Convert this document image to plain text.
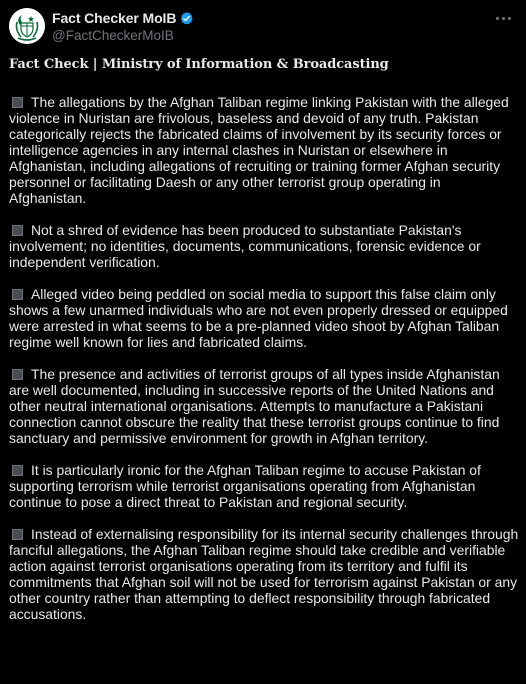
Fact Checker MoIB
@FactCheckerMoIB
Fact Check | Ministry of Information & Broadcasting
The allegations by the Afghan Taliban regime linking Pakistan with the alleged violence in Nuristan are frivolous, baseless and devoid of any truth. Pakistan categorically rejects the fabricated claims of involvement by its security forces or intelligence agencies in any internal clashes in Nuristan or elsewhere in Afghanistan, including allegations of recruiting or training former Afghan security personnel or facilitating Daesh or any other terrorist group operating in Afghanistan.
Not a shred of evidence has been produced to substantiate Pakistan's involvement; no identities, documents, communications, forensic evidence or independent verification.
Alleged video being peddled on social media to support this false claim only shows a few unarmed individuals who are not even properly dressed or equipped were arrested in what seems to be a pre-planned video shoot by Afghan Taliban regime well known for lies and fabricated claims.
The presence and activities of terrorist groups of all types inside Afghanistan are well documented, including in successive reports of the United Nations and other neutral international organisations. Attempts to manufacture a Pakistani connection cannot obscure the reality that these terrorist groups continue to find sanctuary and permissive environment for growth in Afghan territory.
It is particularly ironic for the Afghan Taliban regime to accuse Pakistan of supporting terrorism while terrorist organisations operating from Afghanistan continue to pose a direct threat to Pakistan and regional security.
Instead of externalising responsibility for its internal security challenges through fanciful allegations, the Afghan Taliban regime should take credible and verifiable action against terrorist organisations operating from its territory and fulfil its commitments that Afghan soil will not be used for terrorism against Pakistan or any other country rather than attempting to deflect responsibility through fabricated accusations.
